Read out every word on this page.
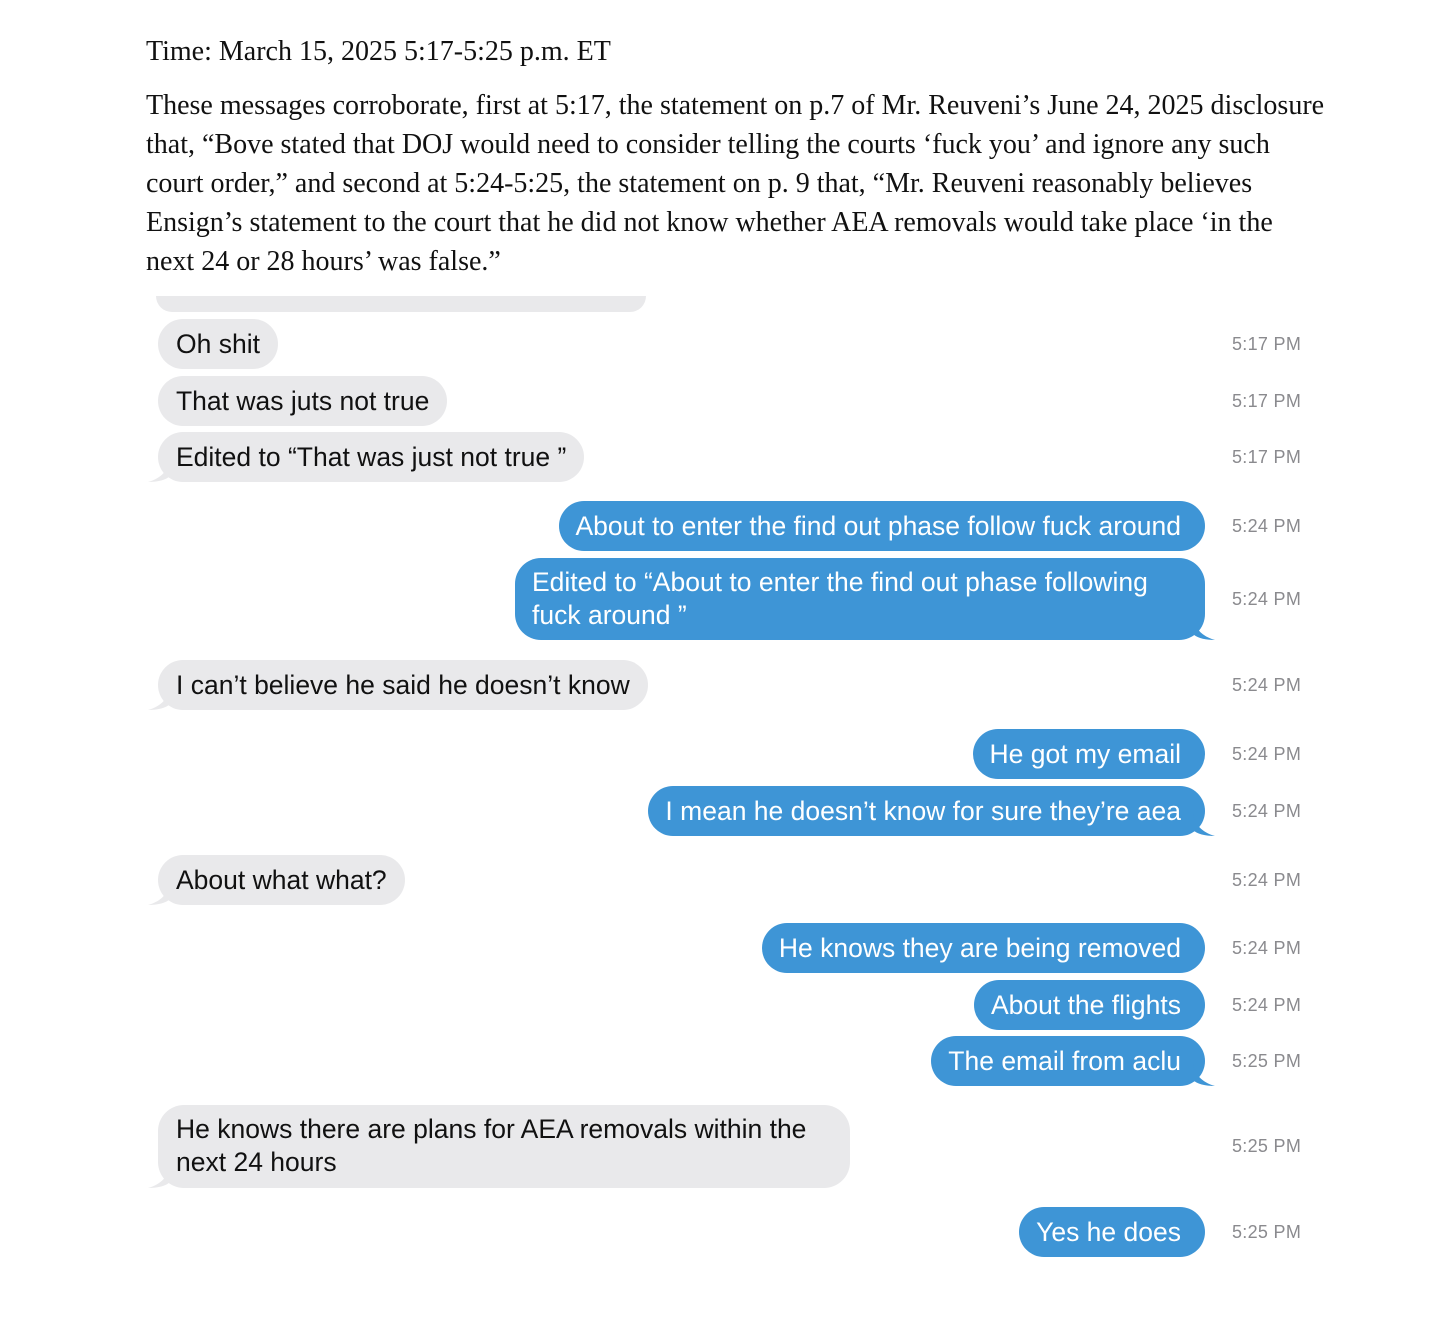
Time: March 15, 2025 5:17-5:25 p.m. ET

These messages corroborate, first at 5:17, the statement on p.7 of Mr. Reuveni’s June 24, 2025 disclosure that, “Bove stated that DOJ would need to consider telling the courts ‘fuck you’ and ignore any such court order,” and second at 5:24-5:25, the statement on p. 9 that, “Mr. Reuveni reasonably believes Ensign’s statement to the court that he did not know whether AEA removals would take place ‘in the next 24 or 28 hours’ was false.”

Oh shit	5:17 PM
That was juts not true	5:17 PM
Edited to “That was just not true ”	5:17 PM
About to enter the find out phase follow fuck around	5:24 PM
Edited to “About to enter the find out phase following fuck around ”
5:24 PM
I can’t believe he said he doesn’t know	5:24 PM
He got my email	5:24 PM
I mean he doesn’t know for sure they’re aea	5:24 PM
About what what?	5:24 PM
He knows they are being removed	5:24 PM
About the flights	5:24 PM
The email from aclu	5:25 PM
He knows there are plans for AEA removals within the next 24 hours
5:25 PM
Yes he does	5:25 PM
